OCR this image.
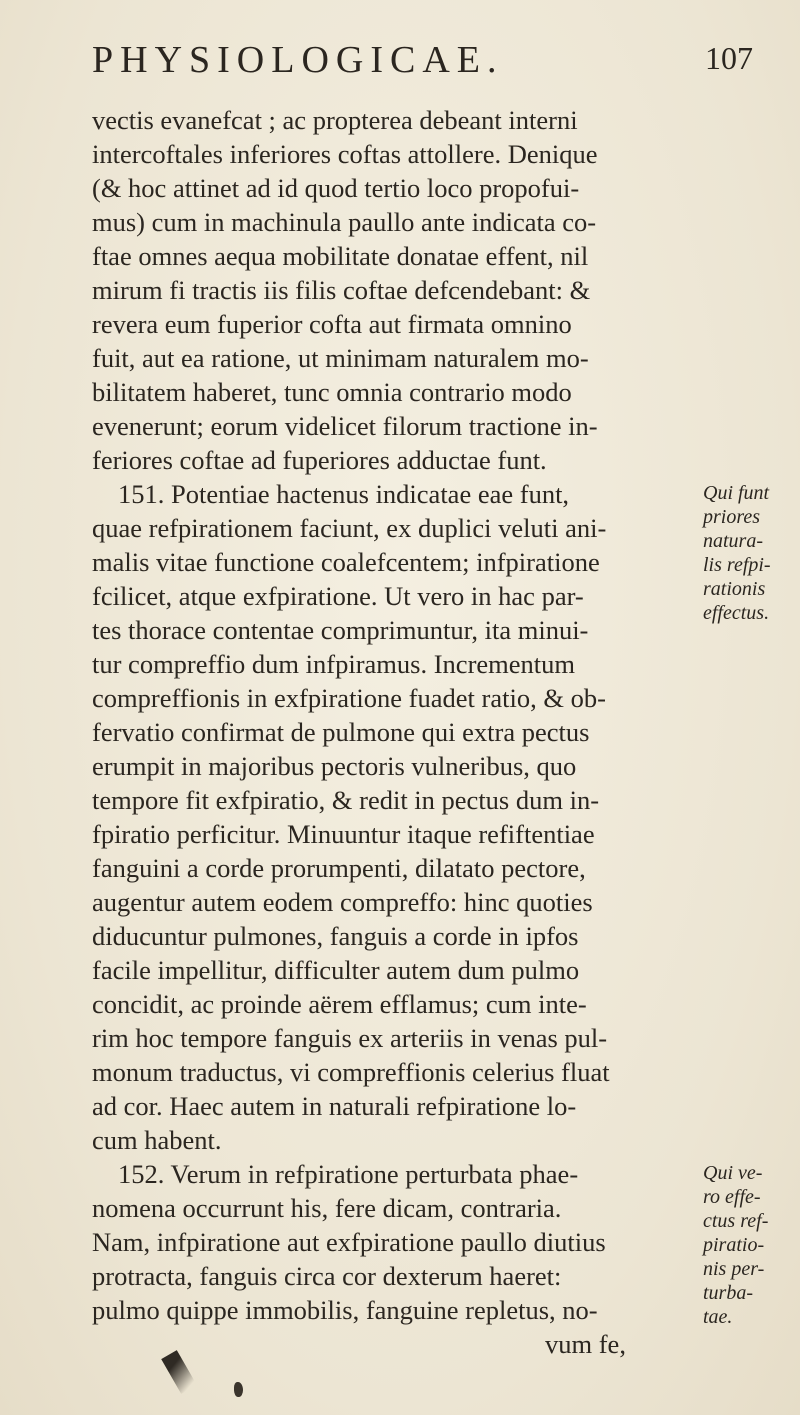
PHYSIOLOGICAE.	107
vectis evanefcat ; ac propterea debeant interni
intercoftales inferiores coftas attollere. Denique
(& hoc attinet ad id quod tertio loco propofui-
mus) cum in machinula paullo ante indicata co-
ftae omnes aequa mobilitate donatae effent, nil
mirum fi tractis iis filis coftae defcendebant: &
revera eum fuperior cofta aut firmata omnino
fuit, aut ea ratione, ut minimam naturalem mo-
bilitatem haberet, tunc omnia contrario modo
evenerunt; eorum videlicet filorum tractione in-
feriores coftae ad fuperiores adductae funt.
151. Potentiae hactenus indicatae eae funt,
quae refpirationem faciunt, ex duplici veluti ani-
malis vitae functione coalefcentem; infpiratione
fcilicet, atque exfpiratione. Ut vero in hac par-
tes thorace contentae comprimuntur, ita minui-
tur compreffio dum infpiramus. Incrementum
compreffionis in exfpiratione fuadet ratio, & ob-
fervatio confirmat de pulmone qui extra pectus
erumpit in majoribus pectoris vulneribus, quo
tempore fit exfpiratio, & redit in pectus dum in-
fpiratio perficitur. Minuuntur itaque refiftentiae
fanguini a corde prorumpenti, dilatato pectore,
augentur autem eodem compreffo: hinc quoties
diducuntur pulmones, fanguis a corde in ipfos
facile impellitur, difficulter autem dum pulmo
concidit, ac proinde aërem efflamus; cum inte-
rim hoc tempore fanguis ex arteriis in venas pul-
monum traductus, vi compreffionis celerius fluat
ad cor. Haec autem in naturali refpiratione lo-
cum habent.
152. Verum in refpiratione perturbata phae-
nomena occurrunt his, fere dicam, contraria.
Nam, infpiratione aut exfpiratione paullo diutius
protracta, fanguis circa cor dexterum haeret:
pulmo quippe immobilis, fanguine repletus, no-
vum fe,
Qui funt
priores
natura-
lis refpi-
rationis
effectus.
Qui ve-
ro effe-
ctus ref-
piratio-
nis per-
turba-
tae.
